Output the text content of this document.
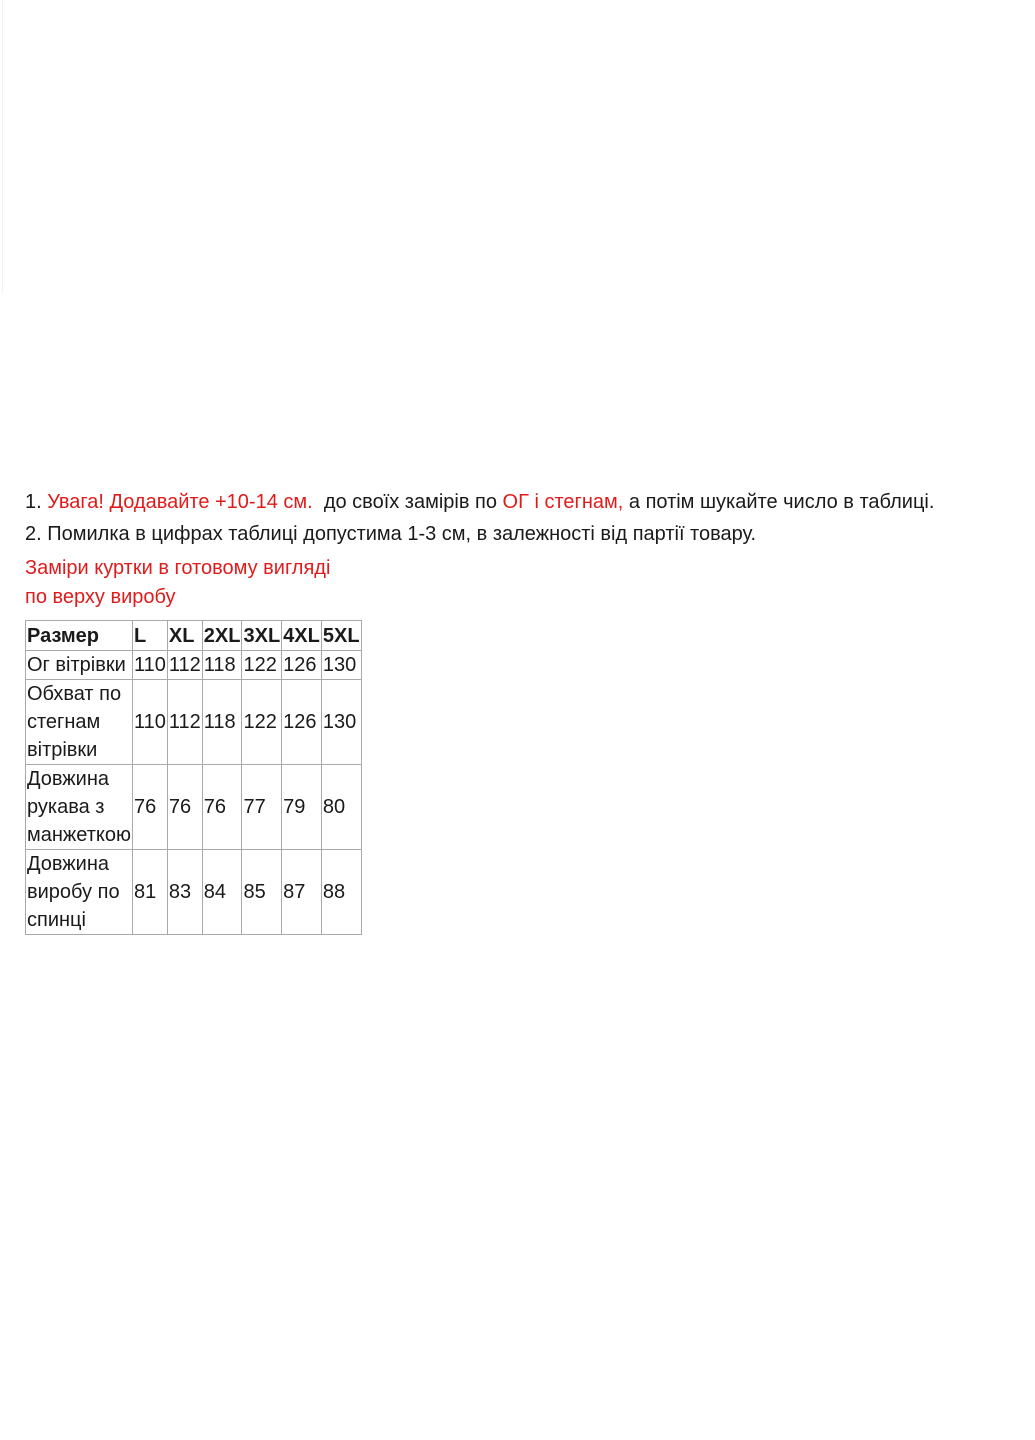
1. Увага! Додавайте +10-14 см.  до своїх замірів по ОГ і стегнам, а потім шукайте число в таблиці.
2. Помилка в цифрах таблиці допустима 1-3 см, в залежності від партії товару.
Заміри куртки в готовому вигляді
по верху виробу
Размер	L	XL	2XL	3XL	4XL	5XL
Ог вітрівки	110	112	118	122	126	130
Обхват по стегнам вітрівки	110	112	118	122	126	130
Довжина рукава з манжеткою	76	76	76	77	79	80
Довжина виробу по спинці	81	83	84	85	87	88
